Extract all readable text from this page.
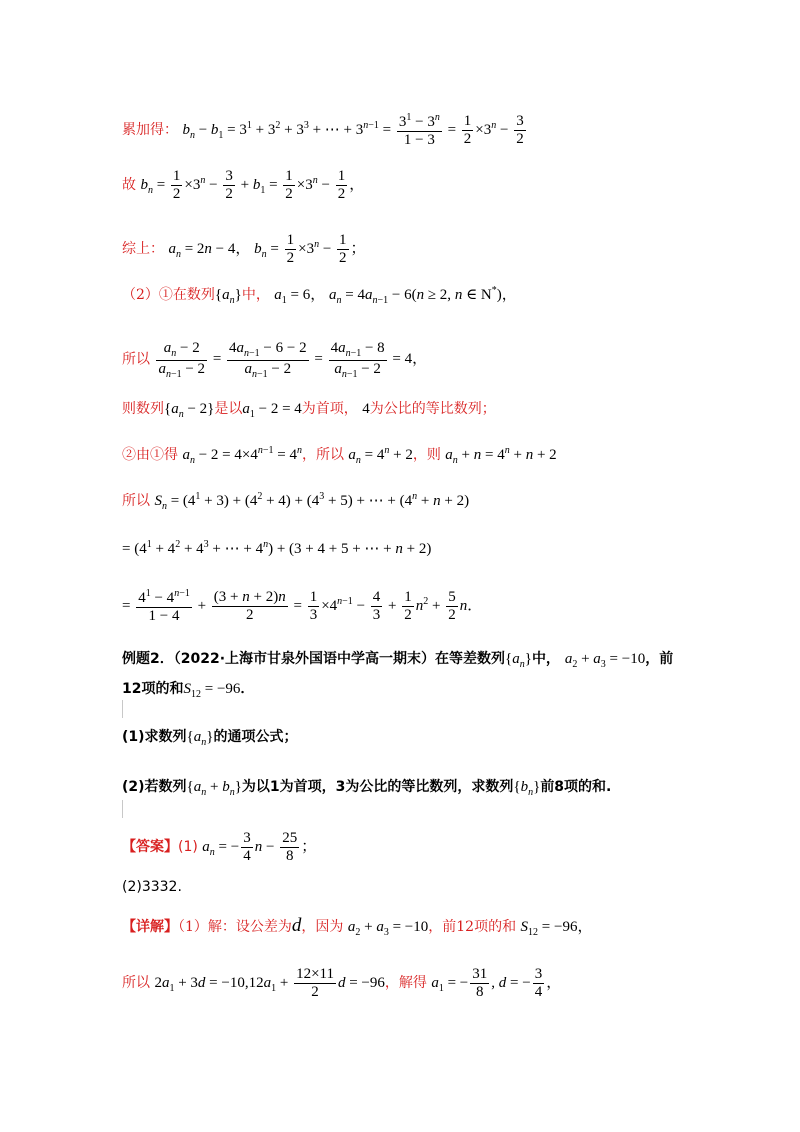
累加得： $b_n - b_1 = 3^1 + 3^2 + 3^3$ + ⋯ + $3^{n-1} = \frac{3^1 - 3^n}{1 - 3} = \frac{1}{2} \times 3^n - \frac{3}{2}$
故 $b_n = \frac{1}{2} \times 3^n - \frac{3}{2} + b_1 = \frac{1}{2} \times 3^n - \frac{1}{2}$ ，
综上： $a_n = 2n - 4$， $b_n = \frac{1}{2} \times 3^n - \frac{1}{2}$ ；
（2）①在数列$\{a_n\}$中， $a_1 = 6$， $a_n = 4a_{n-1} - 6(n \ge 2$, n ∈ N*)，
所以 $\frac{a_n - 2}{a_{n-1} - 2} = \frac{4a_{n-1} - 6 - 2}{a_{n-1} - 2} = \frac{4a_{n-1} - 8}{a_{n-1} - 2} = 4$，
则数列$\{a_n - 2\}$是以$a_1 - 2 = 4$为首项， 4为公比的等比数列；
②由①得 $a_n - 2 = 4\times 4^{n-1} = 4^n$，所以 $a_n = 4^n + 2$，则 $a_n + n = 4^n + n + 2$
所以 $S_n = (4^1 + 3) + (4^2 + 4) + (4^3 + 5)$ + ⋯ + $(4^n + n + 2)$
= ($4^1 + 4^2 + 4^3$ + ⋯ + $4^n) + (3 + 4 + 5$ + ⋯ + n + 2)
= $\frac{4^1 - 4^{n-1}}{1 - 4} + \frac{(3 + n + 2)n}{2} = \frac{1}{3} \times 4^{n-1} - \frac{4}{3} + \frac{1}{2} n^2 + \frac{5}{2}$ n．
例题2．（2022·上海市甘泉外国语中学高一期末）在等差数列$\{a_n\}$中， $a_2 + a_3 = -10$，前
12项的和$S_{12} = -96$．
(1)求数列$\{a_n\}$的通项公式；
(2)若数列$\{a_n + b_n\}$为以1为首项，3为公比的等比数列，求数列$\{b_n\}$前8项的和.
【答案】(1) $a_n$ = − $\frac{3}{4}$ $n - \frac{25}{8}$ ；
(2)3332.
【详解】（1）解：设公差为d，因为 $a_2 + a_3 = -10$，前12项的和 $S_{12} = -96$，
所以 $2a_1 + 3d = -10,12a_1 + \frac{12\times 11}{2}$ d = −96，解得 $a_1$ = − $\frac{31}{8}$ , d = − $\frac{3}{4}$ ，
